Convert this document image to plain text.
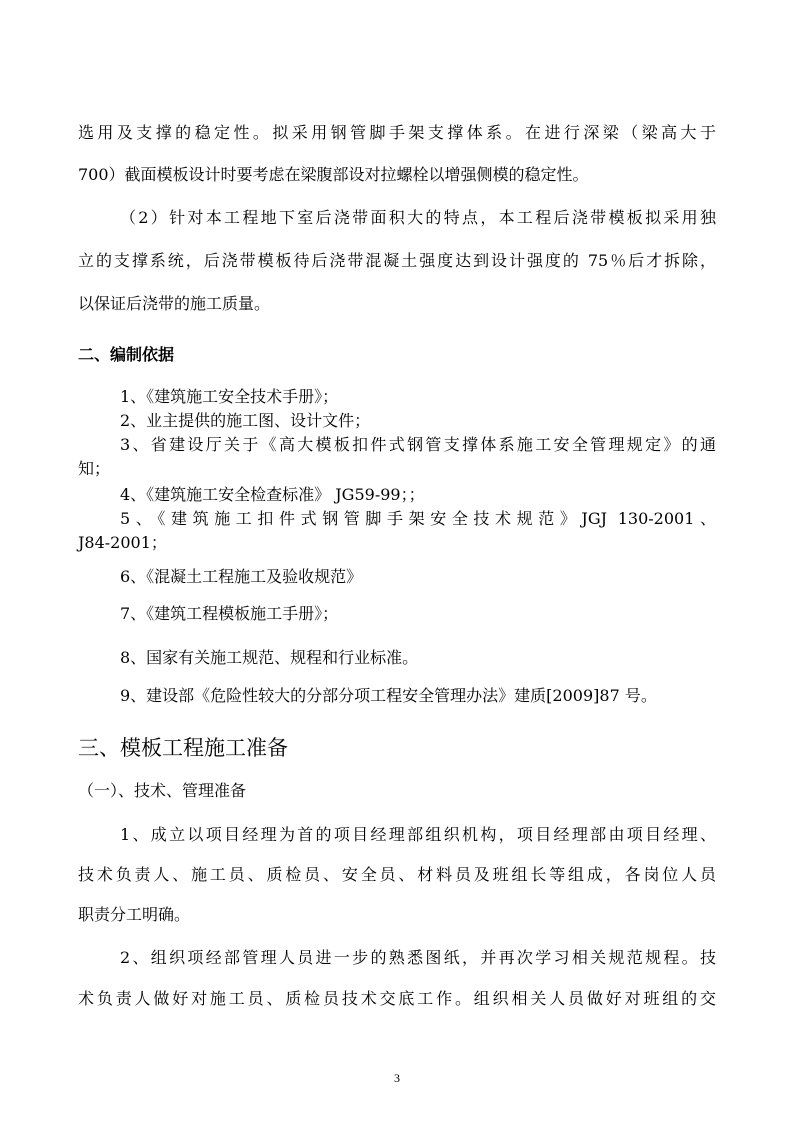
选用及支撑的稳定性。拟采用钢管脚手架支撑体系。在进行深梁（梁高大于
700）截面模板设计时要考虑在梁腹部设对拉螺栓以增强侧模的稳定性。
（2）针对本工程地下室后浇带面积大的特点，本工程后浇带模板拟采用独
立的支撑系统，后浇带模板待后浇带混凝土强度达到设计强度的 75％后才拆除，
以保证后浇带的施工质量。
二、编制依据
1、《建筑施工安全技术手册》；
2、业主提供的施工图、设计文件；
3、省建设厅关于《高大模板扣件式钢管支撑体系施工安全管理规定》的通
知；
4、《建筑施工安全检查标准》 JG59-99；；
5、《建筑施工扣件式钢管脚手架安全技术规范》JGJ 130-2001、
J84-2001；
6、《混凝土工程施工及验收规范》
7、《建筑工程模板施工手册》；
8、国家有关施工规范、规程和行业标准。
9、建设部《危险性较大的分部分项工程安全管理办法》建质[2009]87 号。
三、模板工程施工准备
（一）、技术、管理准备
1、成立以项目经理为首的项目经理部组织机构，项目经理部由项目经理、
技术负责人、施工员、质检员、安全员、材料员及班组长等组成，各岗位人员
职责分工明确。
2、组织项经部管理人员进一步的熟悉图纸，并再次学习相关规范规程。技
术负责人做好对施工员、质检员技术交底工作。组织相关人员做好对班组的交
3
